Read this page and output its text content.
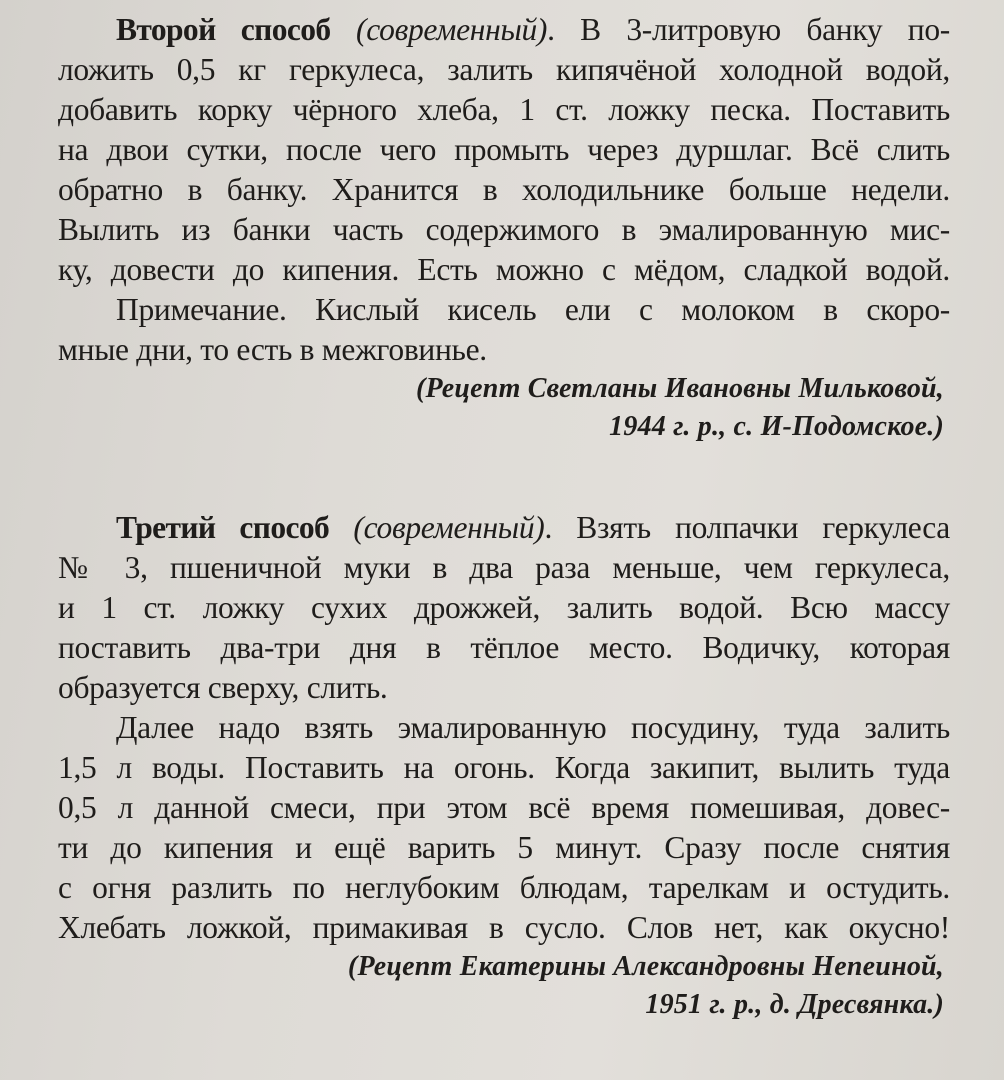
Второй способ (современный). В 3-литровую банку по-
ложить 0,5 кг геркулеса, залить кипячёной холодной водой,
добавить корку чёрного хлеба, 1 ст. ложку песка. Поставить
на двои сутки, после чего промыть через дуршлаг. Всё слить
обратно в банку. Хранится в холодильнике больше недели.
Вылить из банки часть содержимого в эмалированную мис-
ку, довести до кипения. Есть можно с мёдом, сладкой водой.
Примечание. Кислый кисель ели с молоком в скоро-
мные дни, то есть в межговинье.
(Рецепт Светланы Ивановны Мильковой,
1944 г. р., с. И-Подомское.)
Третий способ (современный). Взять полпачки геркулеса
№ 3, пшеничной муки в два раза меньше, чем геркулеса,
и 1 ст. ложку сухих дрожжей, залить водой. Всю массу
поставить два-три дня в тёплое место. Водичку, которая
образуется сверху, слить.
Далее надо взять эмалированную посудину, туда залить
1,5 л воды. Поставить на огонь. Когда закипит, вылить туда
0,5 л данной смеси, при этом всё время помешивая, довес-
ти до кипения и ещё варить 5 минут. Сразу после снятия
с огня разлить по неглубоким блюдам, тарелкам и остудить.
Хлебать ложкой, примакивая в сусло. Слов нет, как окусно!
(Рецепт Екатерины Александровны Непеиной,
1951 г. р., д. Дресвянка.)
